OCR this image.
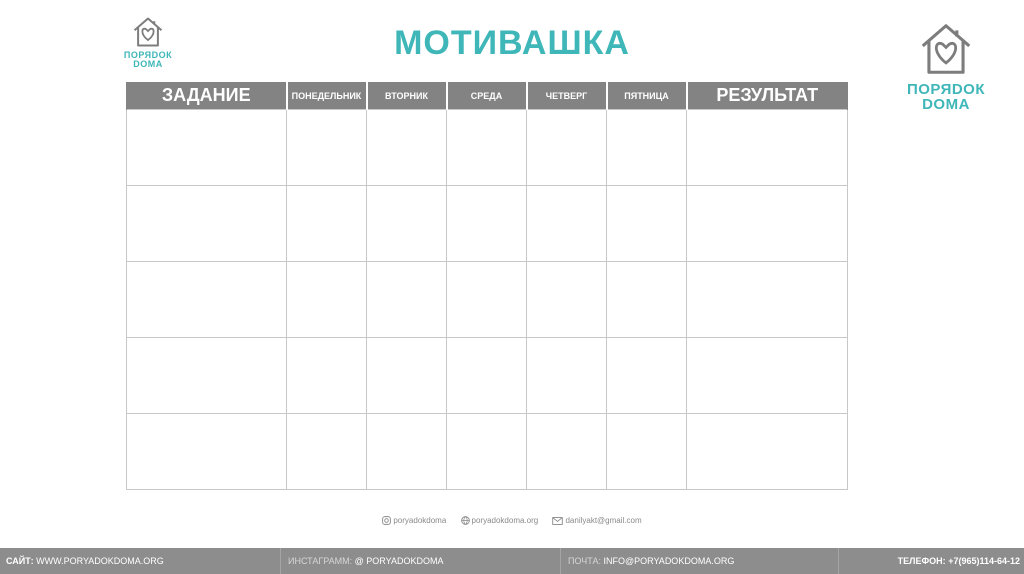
ПОРЯDОК
DOMA
ПОРЯDОК
DOMA
МОТИВАШКА
ЗАДАНИЕ	ПОНЕДЕЛЬНИК	ВТОРНИК	СРЕДА	ЧЕТВЕРГ	ПЯТНИЦА	РЕЗУЛЬТАТ

poryadokdoma	poryadokdoma.org	danilyakt@gmail.com
САЙТ: WWW.PORYADOKDOMA.ORG	ИНСТАГРАММ: @ PORYADOKDOMA	ПОЧТА: INFO@PORYADOKDOMA.ORG	ТЕЛЕФОН: +7(965)114-64-12
